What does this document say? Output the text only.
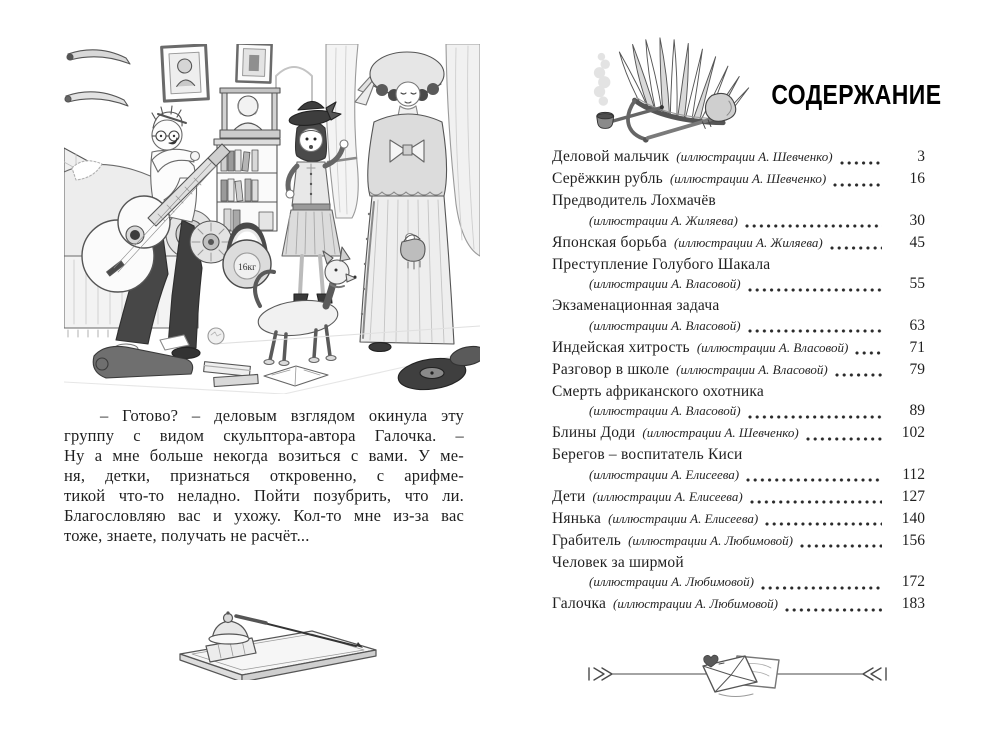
16кг
– Готово? – деловым взглядом окинула эту
группу с видом скульптора-автора Галочка. –
Ну а мне больше некогда возиться с вами. У ме-
ня, детки, признаться откровенно, с арифме-
тикой что-то неладно. Пойти позубрить, что ли.
Благословляю вас и ухожу. Кол-то мне из-за вас
тоже, знаете, получать не расчёт...
СОДЕРЖАНИЕ
Деловой мальчик (иллюстрации А. Шевченко)	3
Серёжкин рубль (иллюстрации А. Шевченко)	16
Предводитель Лохмачёв
(иллюстрации А. Жиляева)	30
Японская борьба (иллюстрации А. Жиляева)	45
Преступление Голубого Шакала
(иллюстрации А. Власовой)	55
Экзаменационная задача
(иллюстрации А. Власовой)	63
Индейская хитрость (иллюстрации А. Власовой)	71
Разговор в школе (иллюстрации А. Власовой)	79
Смерть африканского охотника
(иллюстрации А. Власовой)	89
Блины Доди (иллюстрации А. Шевченко)	102
Берегов – воспитатель Киси
(иллюстрации А. Елисеева)	112
Дети (иллюстрации А. Елисеева)	127
Нянька (иллюстрации А. Елисеева)	140
Грабитель (иллюстрации А. Любимовой)	156
Человек за ширмой
(иллюстрации А. Любимовой)	172
Галочка (иллюстрации А. Любимовой)	183
